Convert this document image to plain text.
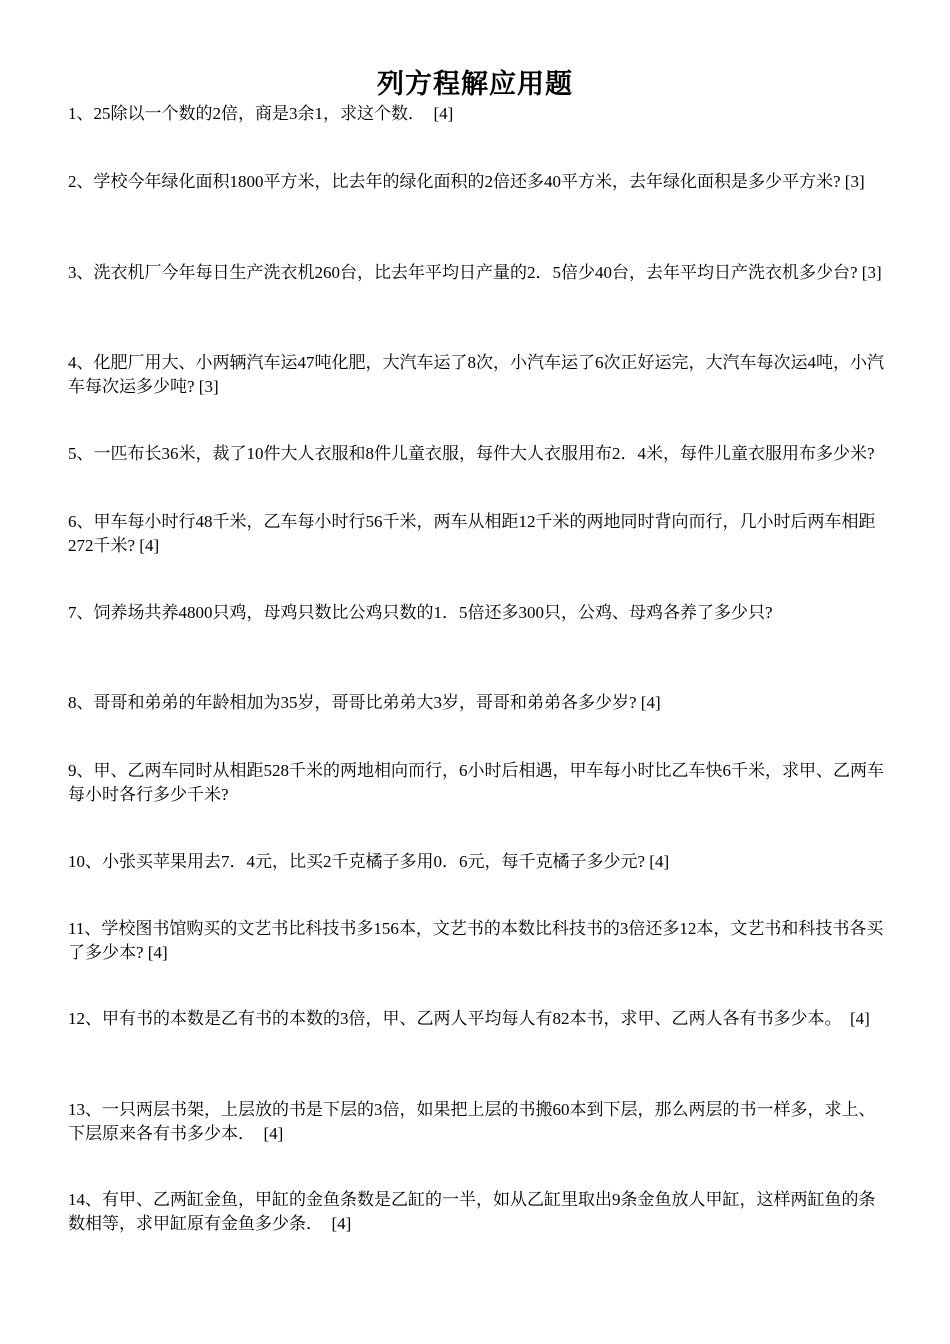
列方程解应用题
1、25除以一个数的2倍，商是3余1，求这个数．　[4]
2、学校今年绿化面积1800平方米，比去年的绿化面积的2倍还多40平方米，去年绿化面积是多少平方米? [3]
3、洗衣机厂今年每日生产洗衣机260台，比去年平均日产量的2．5倍少40台，去年平均日产洗衣机多少台? [3]
4、化肥厂用大、小两辆汽车运47吨化肥，大汽车运了8次，小汽车运了6次正好运完，大汽车每次运4吨，小汽车每次运多少吨? [3]
5、一匹布长36米，裁了10件大人衣服和8件儿童衣服，每件大人衣服用布2．4米，每件儿童衣服用布多少米?
6、甲车每小时行48千米，乙车每小时行56千米，两车从相距12千米的两地同时背向而行，几小时后两车相距272千米? [4]
7、饲养场共养4800只鸡，母鸡只数比公鸡只数的1．5倍还多300只，公鸡、母鸡各养了多少只?
8、哥哥和弟弟的年龄相加为35岁，哥哥比弟弟大3岁，哥哥和弟弟各多少岁? [4]
9、甲、乙两车同时从相距528千米的两地相向而行，6小时后相遇，甲车每小时比乙车快6千米，求甲、乙两车每小时各行多少千米?
10、小张买苹果用去7．4元，比买2千克橘子多用0．6元，每千克橘子多少元? [4]
11、学校图书馆购买的文艺书比科技书多156本，文艺书的本数比科技书的3倍还多12本，文艺书和科技书各买了多少本? [4]
12、甲有书的本数是乙有书的本数的3倍，甲、乙两人平均每人有82本书，求甲、乙两人各有书多少本。　[4]
13、一只两层书架，上层放的书是下层的3倍，如果把上层的书搬60本到下层，那么两层的书一样多，求上、下层原来各有书多少本．　[4]
14、有甲、乙两缸金鱼，甲缸的金鱼条数是乙缸的一半，如从乙缸里取出9条金鱼放人甲缸，这样两缸鱼的条数相等，求甲缸原有金鱼多少条．　[4]
